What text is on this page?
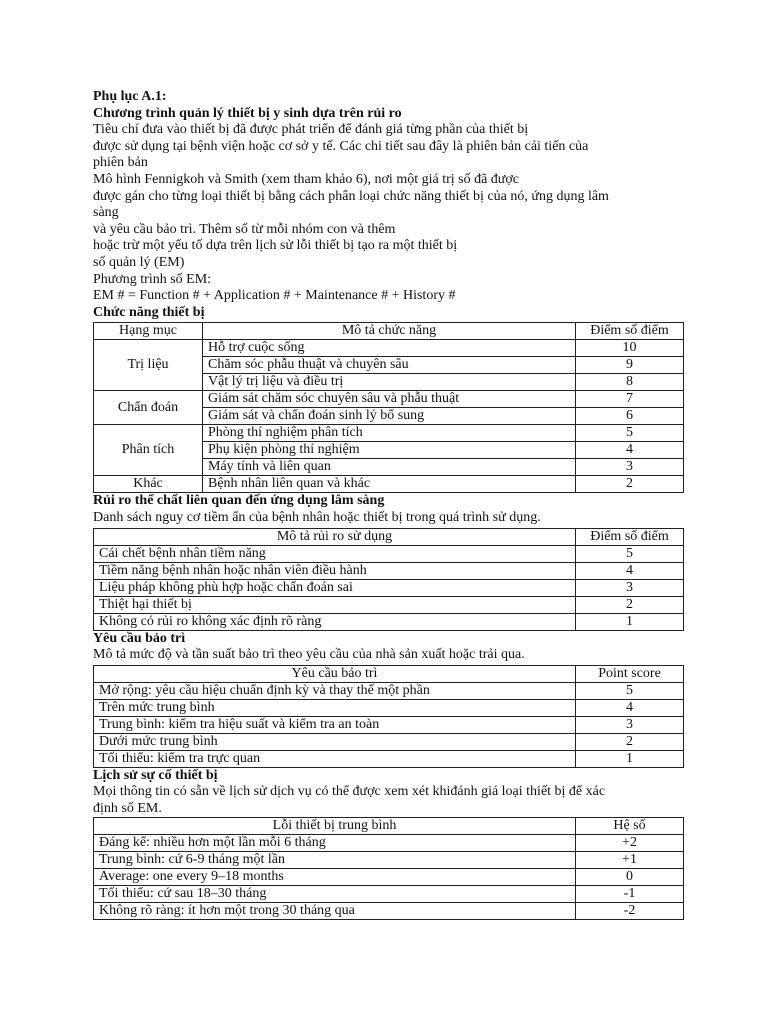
Phụ lục A.1:
Chương trình quản lý thiết bị y sinh dựa trên rủi ro
Tiêu chí đưa vào thiết bị đã được phát triển để đánh giá từng phần của thiết bị
được sử dụng tại bệnh viện hoặc cơ sở y tế. Các chi tiết sau đây là phiên bản cải tiến của
phiên bản
Mô hình Fennigkoh và Smith (xem tham khảo 6), nơi một giá trị số đã được
được gán cho từng loại thiết bị bằng cách phân loại chức năng thiết bị của nó, ứng dụng lâm
sàng
và yêu cầu bảo trì. Thêm số từ mỗi nhóm con và thêm
hoặc trừ một yếu tố dựa trên lịch sử lỗi thiết bị tạo ra một thiết bị
số quản lý (EM)
Phương trình số EM:
EM # = Function # + Application # + Maintenance # + History #
Chức năng thiết bị
Hạng mục	Mô tả chức năng	Điểm số điểm
Trị liệu	Hỗ trợ cuộc sống	10
	Chăm sóc phẫu thuật và chuyên sâu	9
	Vật lý trị liệu và điều trị	8
Chẩn đoán	Giám sát chăm sóc chuyên sâu và phẫu thuật	7
	Giám sát và chẩn đoán sinh lý bổ sung	6
Phân tích	Phòng thí nghiệm phân tích	5
	Phụ kiện phòng thí nghiệm	4
	Máy tính và liên quan	3
Khác	Bệnh nhân liên quan và khác	2
Rủi ro thể chất liên quan đến ứng dụng lâm sàng
Danh sách nguy cơ tiềm ẩn của bệnh nhân hoặc thiết bị trong quá trình sử dụng.
Mô tả rủi ro sử dụng	Điểm số điểm
Cái chết bệnh nhân tiềm năng	5
Tiềm năng bệnh nhân hoặc nhân viên điều hành	4
Liệu pháp không phù hợp hoặc chẩn đoán sai	3
Thiệt hại thiết bị	2
Không có rủi ro không xác định rõ ràng	1
Yêu cầu bảo trì
Mô tả mức độ và tần suất bảo trì theo yêu cầu của nhà sản xuất hoặc trải qua.
Yêu cầu bảo trì	Point score
Mở rộng: yêu cầu hiệu chuẩn định kỳ và thay thế một phần	5
Trên mức trung bình	4
Trung bình: kiểm tra hiệu suất và kiểm tra an toàn	3
Dưới mức trung bình	2
Tối thiểu: kiểm tra trực quan	1
Lịch sử sự cố thiết bị
Mọi thông tin có sẵn về lịch sử dịch vụ có thể được xem xét khiđánh giá loại thiết bị để xác
định số EM.
Lỗi thiết bị trung bình	Hệ số
Đáng kể: nhiều hơn một lần mỗi 6 tháng	+2
Trung bình: cứ 6-9 tháng một lần	+1
Average: one every 9–18 months	0
Tối thiểu: cứ sau 18–30 tháng	-1
Không rõ ràng: ít hơn một trong 30 tháng qua	-2
